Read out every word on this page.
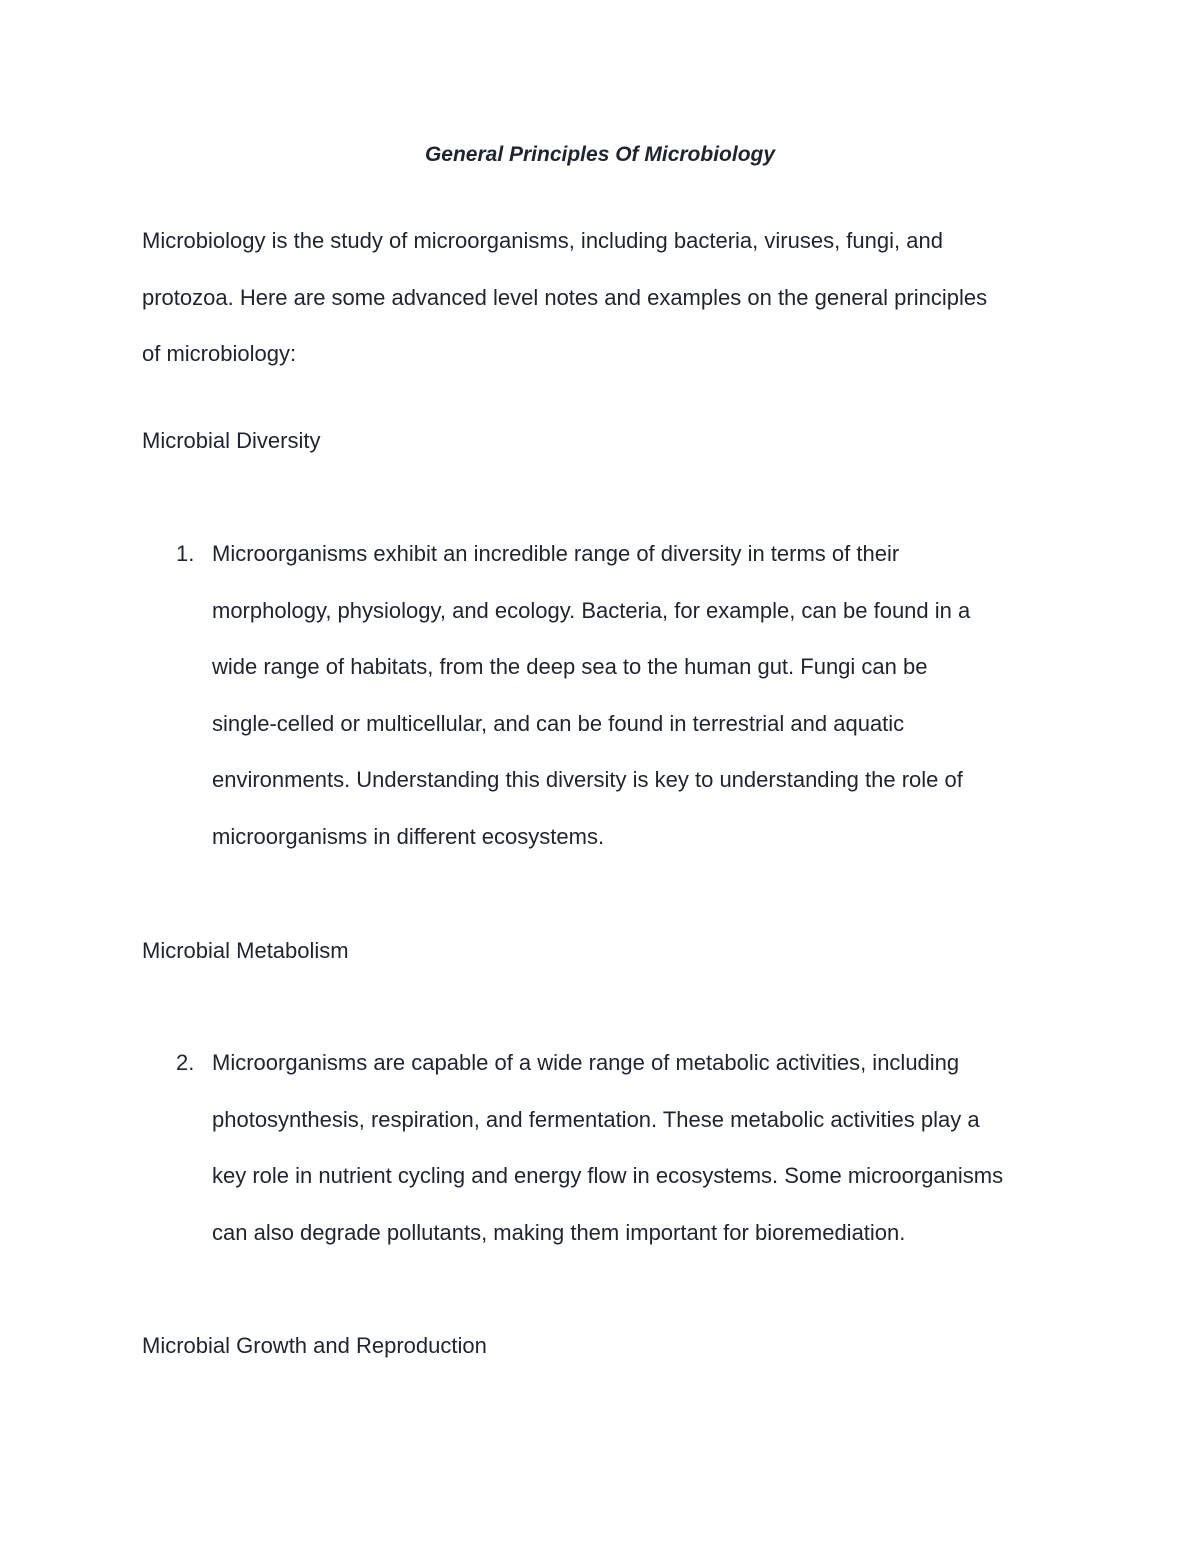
General Principles Of Microbiology

Microbiology is the study of microorganisms, including bacteria, viruses, fungi, and
protozoa. Here are some advanced level notes and examples on the general principles
of microbiology:

Microbial Diversity
1. Microorganisms exhibit an incredible range of diversity in terms of their
morphology, physiology, and ecology. Bacteria, for example, can be found in a
wide range of habitats, from the deep sea to the human gut. Fungi can be
single-celled or multicellular, and can be found in terrestrial and aquatic
environments. Understanding this diversity is key to understanding the role of
microorganisms in different ecosystems.
Microbial Metabolism
2. Microorganisms are capable of a wide range of metabolic activities, including
photosynthesis, respiration, and fermentation. These metabolic activities play a
key role in nutrient cycling and energy flow in ecosystems. Some microorganisms
can also degrade pollutants, making them important for bioremediation.
Microbial Growth and Reproduction
